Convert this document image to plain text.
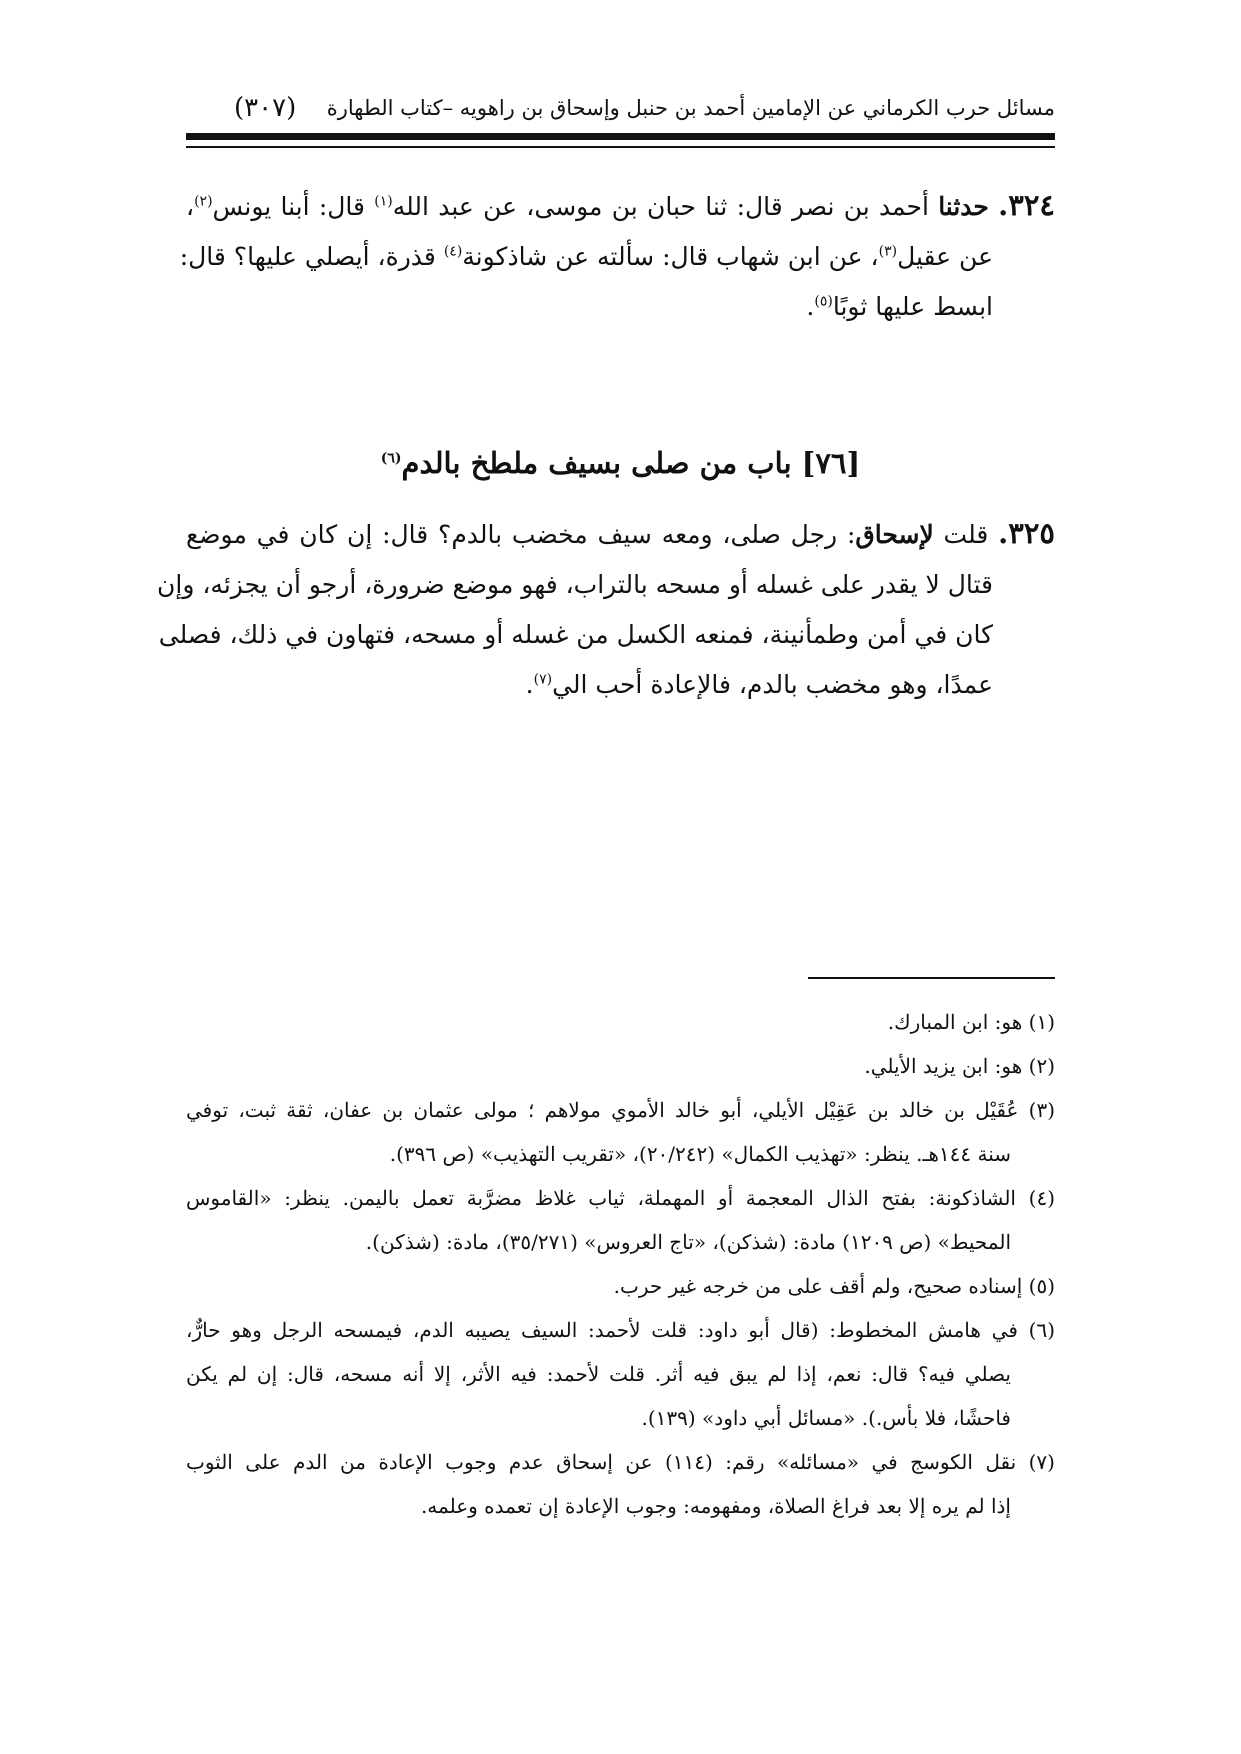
مسائل حرب الكرماني عن الإمامين أحمد بن حنبل وإسحاق بن راهويه –كتاب الطهارة
(٣٠٧)
٣٢٤. حدثنا أحمد بن نصر قال: ثنا حبان بن موسى، عن عبد الله$^{(١)}$ قال: أبنا يونس$^{(٢)}$،
عن عقيل$^{(٣)}$، عن ابن شهاب قال: سألته عن شاذكونة$^{(٤)}$ قذرة، أيصلي عليها؟ قال:
ابسط عليها ثوبًا$^{(٥)}$.
[٧٦] باب من صلى بسيف ملطخ بالدم$^{(٦)}$
٣٢٥. قلت لإسحاق: رجل صلى، ومعه سيف مخضب بالدم؟ قال: إن كان في موضع
قتال لا يقدر على غسله أو مسحه بالتراب، فهو موضع ضرورة، أرجو أن يجزئه، وإن
كان في أمن وطمأنينة، فمنعه الكسل من غسله أو مسحه، فتهاون في ذلك، فصلى
عمدًا، وهو مخضب بالدم، فالإعادة أحب الي$^{(٧)}$.
(١) هو: ابن المبارك.
(٢) هو: ابن يزيد الأيلي.
(٣) عُقَيْل بن خالد بن عَقِيْل الأيلي، أبو خالد الأموي مولاهم ؛ مولى عثمان بن عفان، ثقة ثبت، توفي
سنة ١٤٤هـ. ينظر: «تهذيب الكمال» (٢٠/٢٤٢)، «تقريب التهذيب» (ص ٣٩٦).
(٤) الشاذكونة: بفتح الذال المعجمة أو المهملة، ثياب غلاظ مضرَّبة تعمل باليمن. ينظر: «القاموس
المحيط» (ص ١٢٠٩) مادة: (شذكن)، «تاج العروس» (٣٥/٢٧١)، مادة: (شذكن).
(٥) إسناده صحيح، ولم أقف على من خرجه غير حرب.
(٦) في هامش المخطوط: (قال أبو داود: قلت لأحمد: السيف يصيبه الدم، فيمسحه الرجل وهو حارٌّ،
يصلي فيه؟ قال: نعم، إذا لم يبق فيه أثر. قلت لأحمد: فيه الأثر، إلا أنه مسحه، قال: إن لم يكن
فاحشًا، فلا بأس.). «مسائل أبي داود» (١٣٩).
(٧) نقل الكوسج في «مسائله» رقم: (١١٤) عن إسحاق عدم وجوب الإعادة من الدم على الثوب
إذا لم يره إلا بعد فراغ الصلاة، ومفهومه: وجوب الإعادة إن تعمده وعلمه.
